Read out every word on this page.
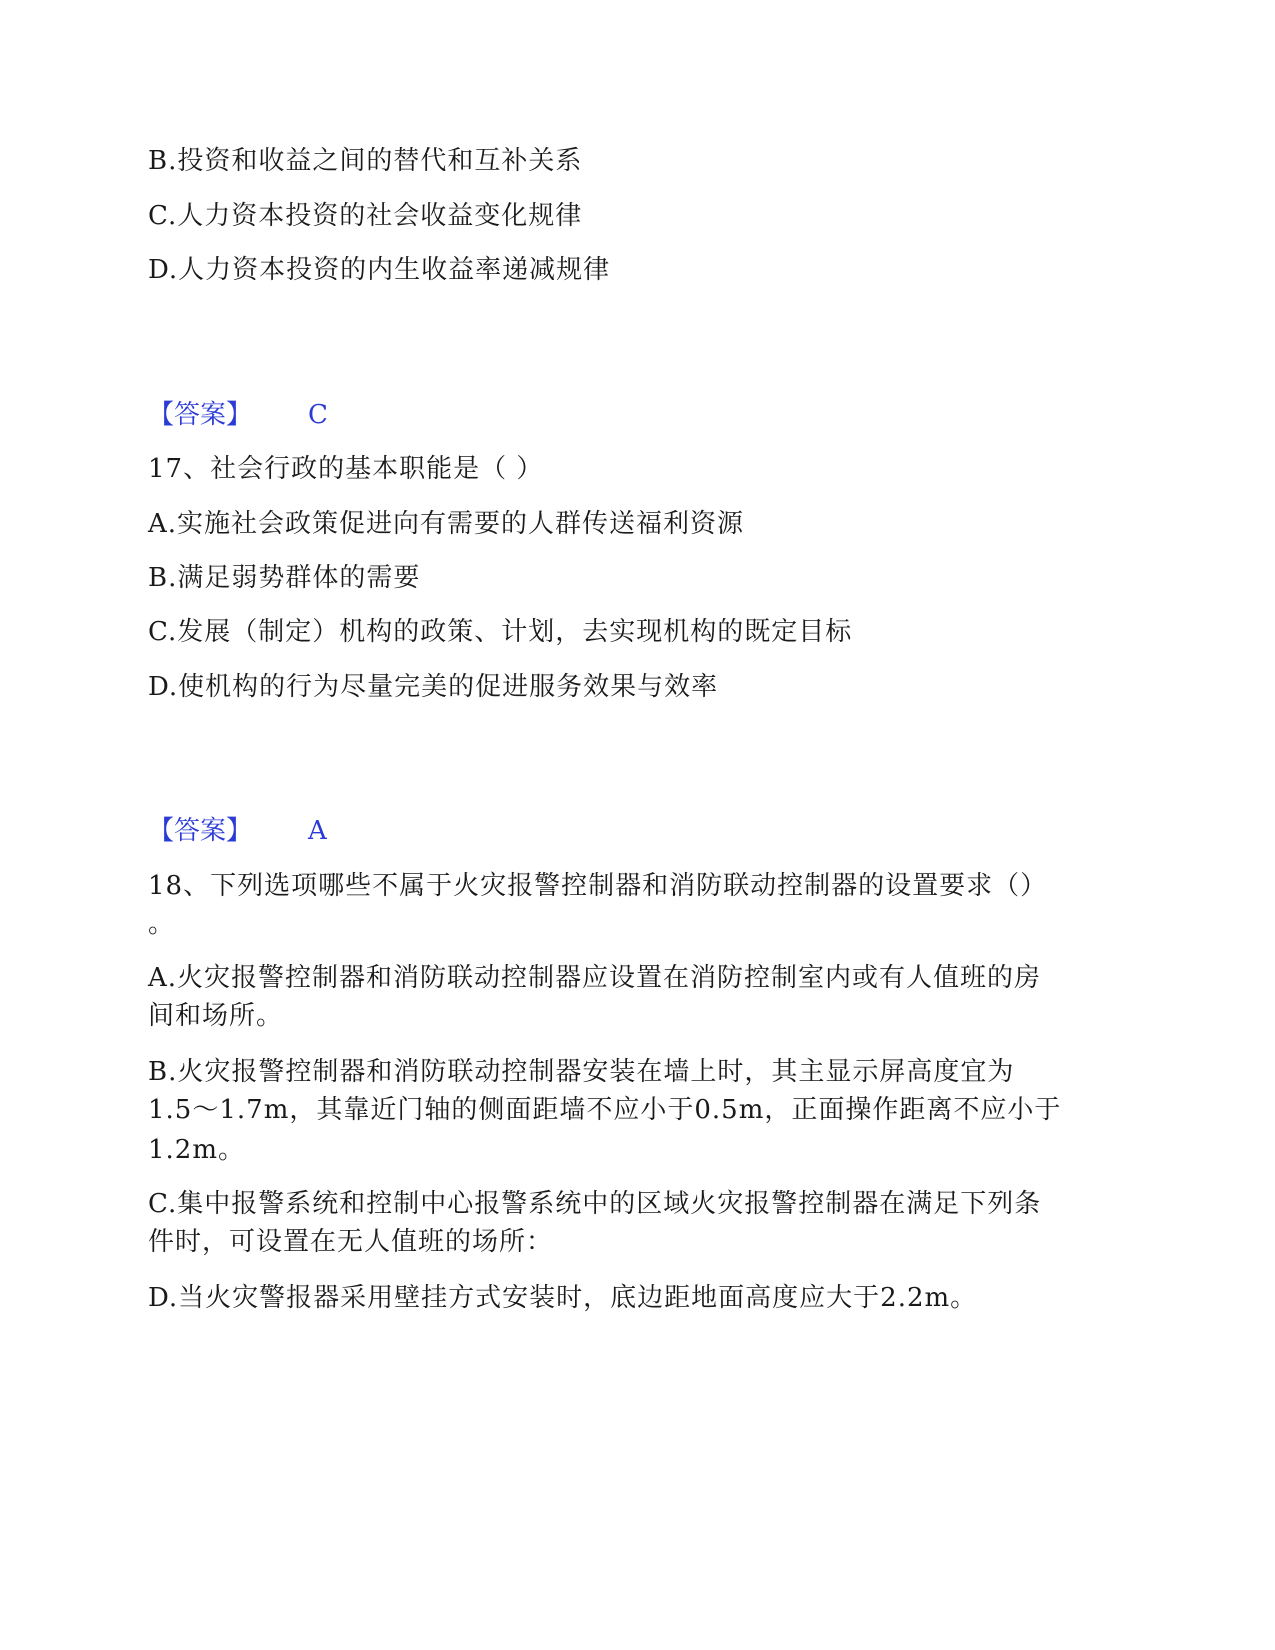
B.投资和收益之间的替代和互补关系
C.人力资本投资的社会收益变化规律
D.人力资本投资的内生收益率递减规律
【答案】 C
17、社会行政的基本职能是（ ）
A.实施社会政策促进向有需要的人群传送福利资源
B.满足弱势群体的需要
C.发展（制定）机构的政策、计划，去实现机构的既定目标
D.使机构的行为尽量完美的促进服务效果与效率
【答案】 A
18、下列选项哪些不属于火灾报警控制器和消防联动控制器的设置要求（）
。
A.火灾报警控制器和消防联动控制器应设置在消防控制室内或有人值班的房
间和场所。
B.火灾报警控制器和消防联动控制器安装在墙上时，其主显示屏高度宜为
1.5～1.7m，其靠近门轴的侧面距墙不应小于0.5m，正面操作距离不应小于
1.2m。
C.集中报警系统和控制中心报警系统中的区域火灾报警控制器在满足下列条
件时，可设置在无人值班的场所：
D.当火灾警报器采用壁挂方式安装时，底边距地面高度应大于2.2m。
